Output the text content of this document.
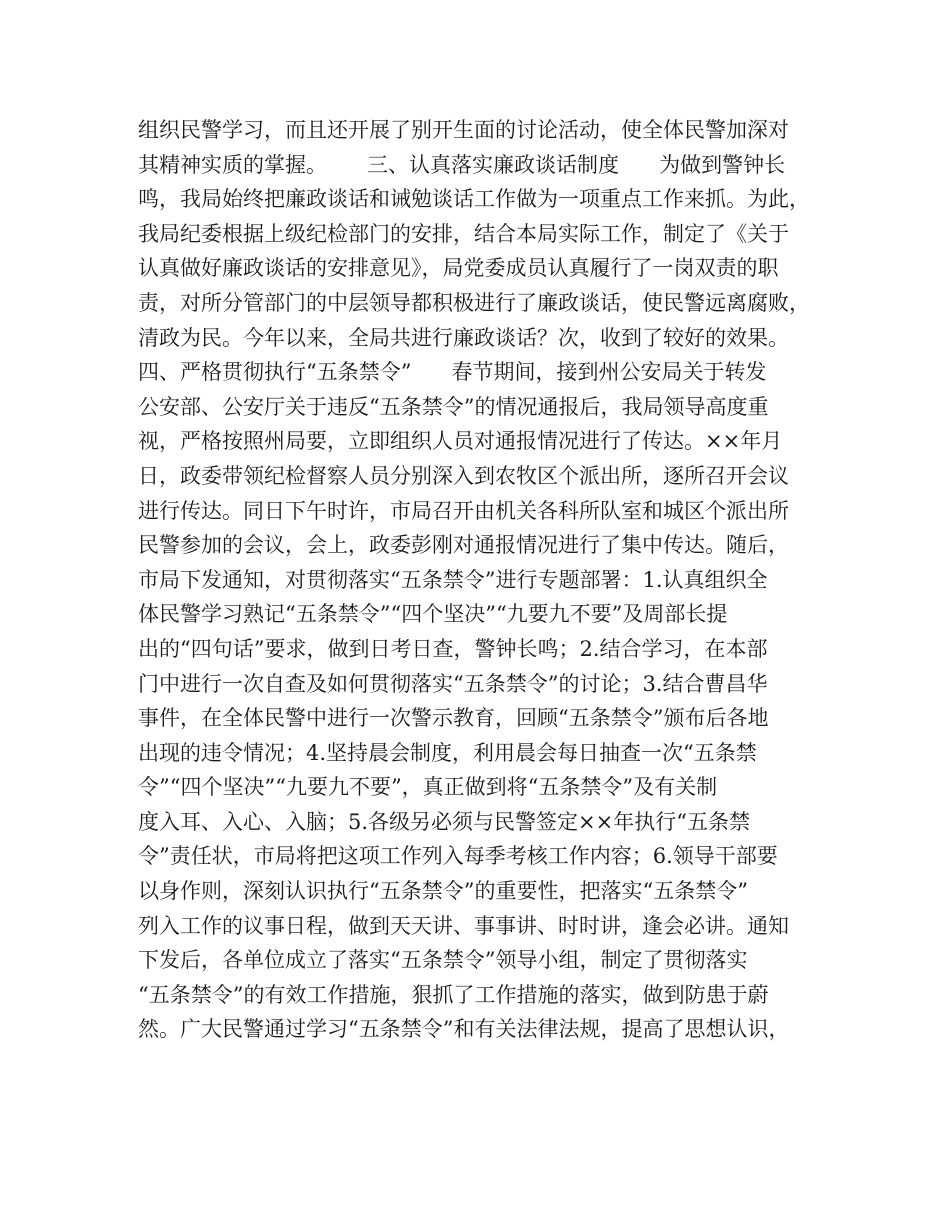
组织民警学习，而且还开展了别开生面的讨论活动，使全体民警加深对
其精神实质的掌握。      三、认真落实廉政谈话制度      为做到警钟长
鸣，我局始终把廉政谈话和诫勉谈话工作做为一项重点工作来抓。为此，
我局纪委根据上级纪检部门的安排，结合本局实际工作，制定了《关于
认真做好廉政谈话的安排意见》，局党委成员认真履行了一岗双责的职
责，对所分管部门的中层领导都积极进行了廉政谈话，使民警远离腐败，
清政为民。今年以来，全局共进行廉政谈话？次，收到了较好的效果。
四、严格贯彻执行“五条禁令”      春节期间，接到州公安局关于转发
公安部、公安厅关于违反“五条禁令”的情况通报后，我局领导高度重
视，严格按照州局要，立即组织人员对通报情况进行了传达。××年月
日，政委带领纪检督察人员分别深入到农牧区个派出所，逐所召开会议
进行传达。同日下午时许，市局召开由机关各科所队室和城区个派出所
民警参加的会议，会上，政委彭刚对通报情况进行了集中传达。随后，
市局下发通知，对贯彻落实“五条禁令”进行专题部署：1.认真组织全
体民警学习熟记“五条禁令”“四个坚决”“九要九不要”及周部长提
出的“四句话”要求，做到日考日查，警钟长鸣；2.结合学习，在本部
门中进行一次自查及如何贯彻落实“五条禁令”的讨论；3.结合曹昌华
事件，在全体民警中进行一次警示教育，回顾“五条禁令”颁布后各地
出现的违令情况；4.坚持晨会制度，利用晨会每日抽查一次“五条禁
令”“四个坚决”“九要九不要”，真正做到将“五条禁令”及有关制
度入耳、入心、入脑；5.各级另必须与民警签定××年执行“五条禁
令”责任状，市局将把这项工作列入每季考核工作内容；6.领导干部要
以身作则，深刻认识执行“五条禁令”的重要性，把落实“五条禁令”
列入工作的议事日程，做到天天讲、事事讲、时时讲，逢会必讲。通知
下发后，各单位成立了落实“五条禁令”领导小组，制定了贯彻落实
“五条禁令”的有效工作措施，狠抓了工作措施的落实，做到防患于蔚
然。广大民警通过学习“五条禁令”和有关法律法规，提高了思想认识，
